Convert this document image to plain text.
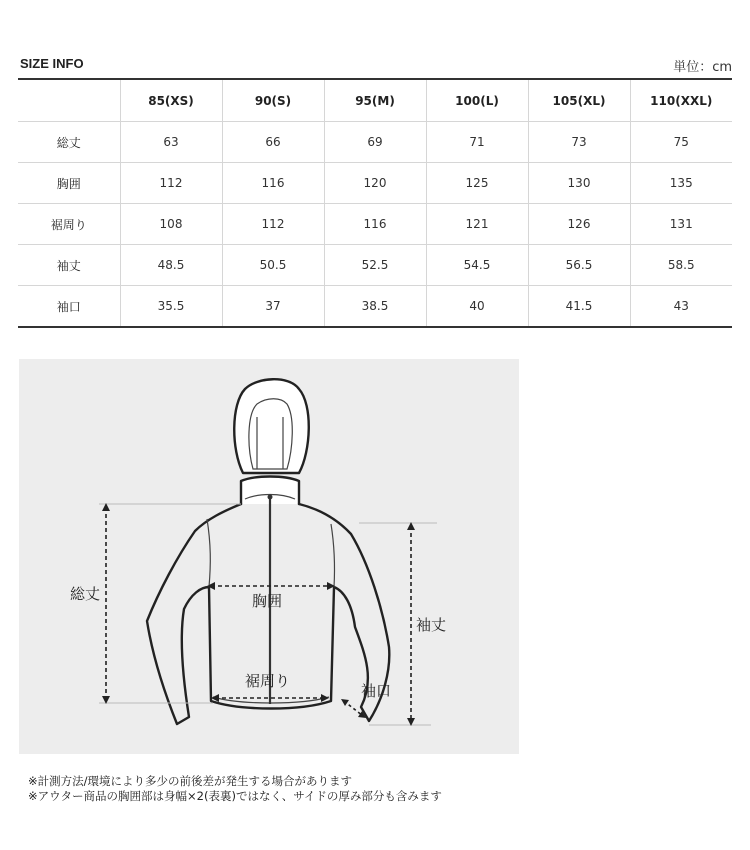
SIZE INFO	単位：cm
	85(XS)	90(S)	95(M)	100(L)	105(XL)	110(XXL)
総丈	63	66	69	71	73	75
胸囲	112	116	120	125	130	135
裾周り	108	112	116	121	126	131
袖丈	48.5	50.5	52.5	54.5	56.5	58.5
袖口	35.5	37	38.5	40	41.5	43
総丈	胸囲
裾周り
袖丈
袖口
※計測方法/環境により多少の前後差が発生する場合があります
※アウター商品の胸囲部は身幅×2(表裏)ではなく、サイドの厚み部分も含みます
